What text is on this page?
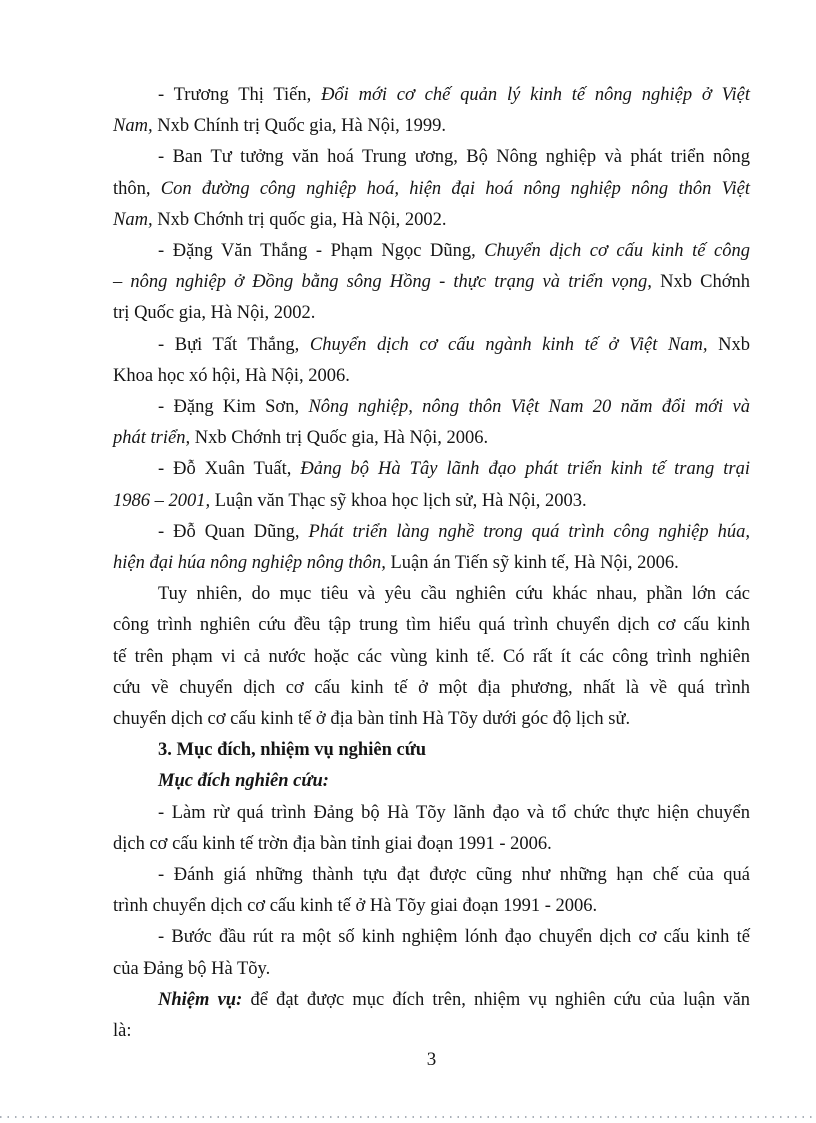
- Trương Thị Tiến, Đổi mới cơ chế quản lý kinh tế nông nghiệp ở Việt
Nam, Nxb Chính trị Quốc gia, Hà Nội, 1999.
- Ban Tư tưởng văn hoá Trung ương, Bộ Nông nghiệp và phát triển nông
thôn, Con đường công nghiệp hoá, hiện đại hoá nông nghiệp nông thôn Việt
Nam, Nxb Chớnh trị quốc gia, Hà Nội, 2002.
- Đặng Văn Thắng - Phạm Ngọc Dũng, Chuyển dịch cơ cấu kinh tế công
– nông nghiệp ở Đồng bằng sông Hồng - thực trạng và triển vọng, Nxb Chớnh
trị Quốc gia, Hà Nội, 2002.
- Bựi Tất Thắng, Chuyển dịch cơ cấu ngành kinh tế ở Việt Nam, Nxb
Khoa học xó hội, Hà Nội, 2006.
- Đặng Kim Sơn, Nông nghiệp, nông thôn Việt Nam 20 năm đổi mới và
phát triển, Nxb Chớnh trị Quốc gia, Hà Nội, 2006.
- Đỗ Xuân Tuất, Đảng bộ Hà Tây lãnh đạo phát triển kinh tế trang trại
1986 – 2001, Luận văn Thạc sỹ khoa học lịch sử, Hà Nội, 2003.
- Đỗ Quan Dũng, Phát triển làng nghề trong quá trình công nghiệp húa,
hiện đại húa nông nghiệp nông thôn, Luận án Tiến sỹ kinh tế, Hà Nội, 2006.
Tuy nhiên, do mục tiêu và yêu cầu nghiên cứu khác nhau, phần lớn các
công trình nghiên cứu đều tập trung tìm hiểu quá trình chuyển dịch cơ cấu kinh
tế trên phạm vi cả nước hoặc các vùng kinh tế. Có rất ít các công trình nghiên
cứu về chuyển dịch cơ cấu kinh tế ở một địa phương, nhất là về quá trình
chuyển dịch cơ cấu kinh tế ở địa bàn tỉnh Hà Tõy dưới góc độ lịch sử.
3. Mục đích, nhiệm vụ nghiên cứu
Mục đích nghiên cứu:
- Làm rừ quá trình Đảng bộ Hà Tõy lãnh đạo và tổ chức thực hiện chuyển
dịch cơ cấu kinh tế trờn địa bàn tỉnh giai đoạn 1991 - 2006.
- Đánh giá những thành tựu đạt được cũng như những hạn chế của quá
trình chuyển dịch cơ cấu kinh tế ở Hà Tõy giai đoạn 1991 - 2006.
- Bước đầu rút ra một số kinh nghiệm lónh đạo chuyển dịch cơ cấu kinh tế
của Đảng bộ Hà Tõy.
Nhiệm vụ: để đạt được mục đích trên, nhiệm vụ nghiên cứu của luận văn
là:
3
